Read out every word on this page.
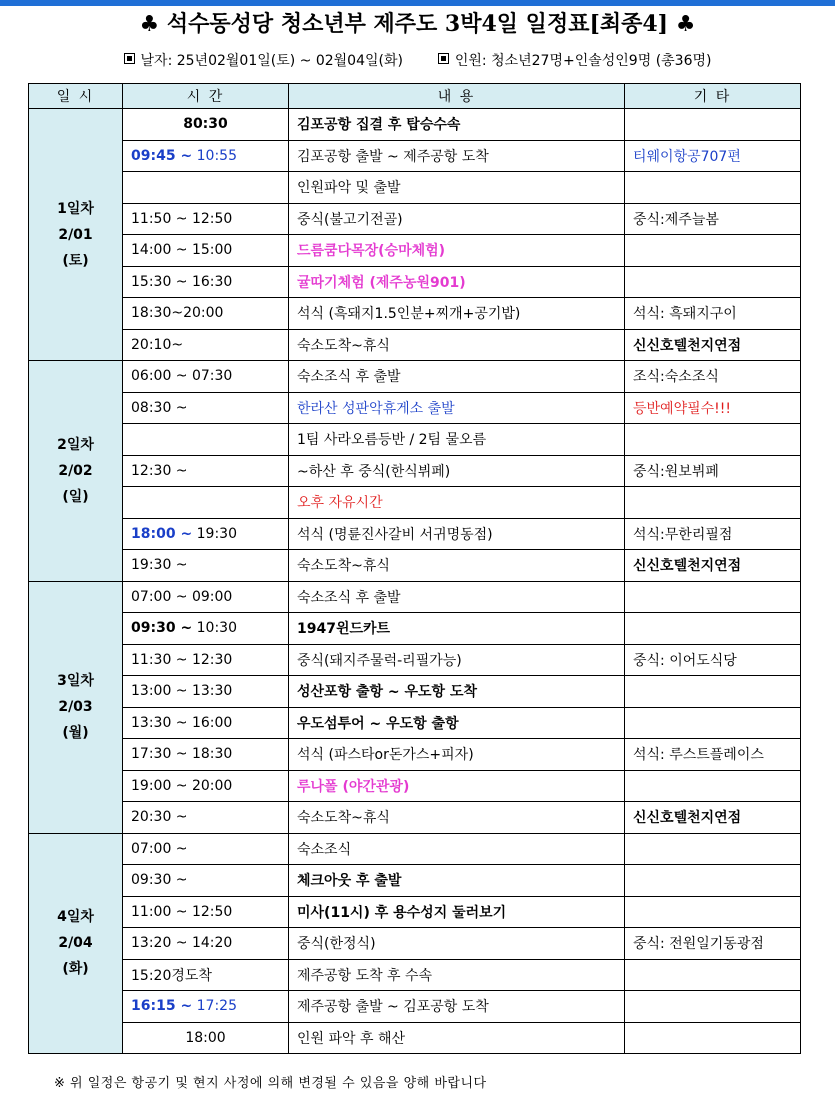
♣ 석수동성당 청소년부 제주도 3박4일 일정표[최종4] ♣
날자: 25년02월01일(토) ~ 02월04일(화)	인원: 청소년27명+인솔성인9명 (총36명)
일 시	시 간	내 용	기 타

1일차
2/01
(토)	80:30	김포공항 집결 후 탑승수속	
	09:45 ~ 10:55	김포공항 출발 ~ 제주공항 도착	티웨이항공707편
		인원파악 및 출발	
	11:50 ~ 12:50	중식(불고기전골)	중식:제주늘봄
	14:00 ~ 15:00	드름쿰다목장(승마체험)	
	15:30 ~ 16:30	귤따기체험 (제주농원901)	
	18:30~20:00	석식 (흑돼지1.5인분+찌개+공기밥)	석식: 흑돼지구이
	20:10~	숙소도착~휴식	신신호텔천지연점

2일차
2/02
(일)	06:00 ~ 07:30	숙소조식 후 출발	조식:숙소조식
	08:30 ~	한라산 성판악휴게소 출발	등반예약필수!!!
		1팀 사라오름등반 / 2팀 물오름	
	12:30 ~	~하산 후 중식(한식뷔페)	중식:원보뷔페
		오후 자유시간	
	18:00 ~ 19:30	석식 (명륜진사갈비 서귀명동점)	석식:무한리필점
	19:30 ~	숙소도착~휴식	신신호텔천지연점

3일차
2/03
(월)	07:00 ~ 09:00	숙소조식 후 출발	
	09:30 ~ 10:30	1947윈드카트	
	11:30 ~ 12:30	중식(돼지주물럭-리필가능)	중식: 이어도식당
	13:00 ~ 13:30	성산포항 출항 ~ 우도항 도착	
	13:30 ~ 16:00	우도섬투어 ~ 우도항 출항	
	17:30 ~ 18:30	석식 (파스타or돈가스+피자)	석식: 루스트플레이스
	19:00 ~ 20:00	루나폴 (야간관광)	
	20:30 ~	숙소도착~휴식	신신호텔천지연점

4일차
2/04
(화)	07:00 ~	숙소조식	
	09:30 ~	체크아웃 후 출발	
	11:00 ~ 12:50	미사(11시) 후 용수성지 둘러보기	
	13:20 ~ 14:20	중식(한정식)	중식: 전원일기동광점
	15:20경도착	제주공항 도착 후 수속	
	16:15 ~ 17:25	제주공항 출발 ~ 김포공항 도착	
	18:00	인원 파악 후 해산	
※ 위 일정은 항공기 및 현지 사정에 의해 변경될 수 있음을 양해 바랍니다
